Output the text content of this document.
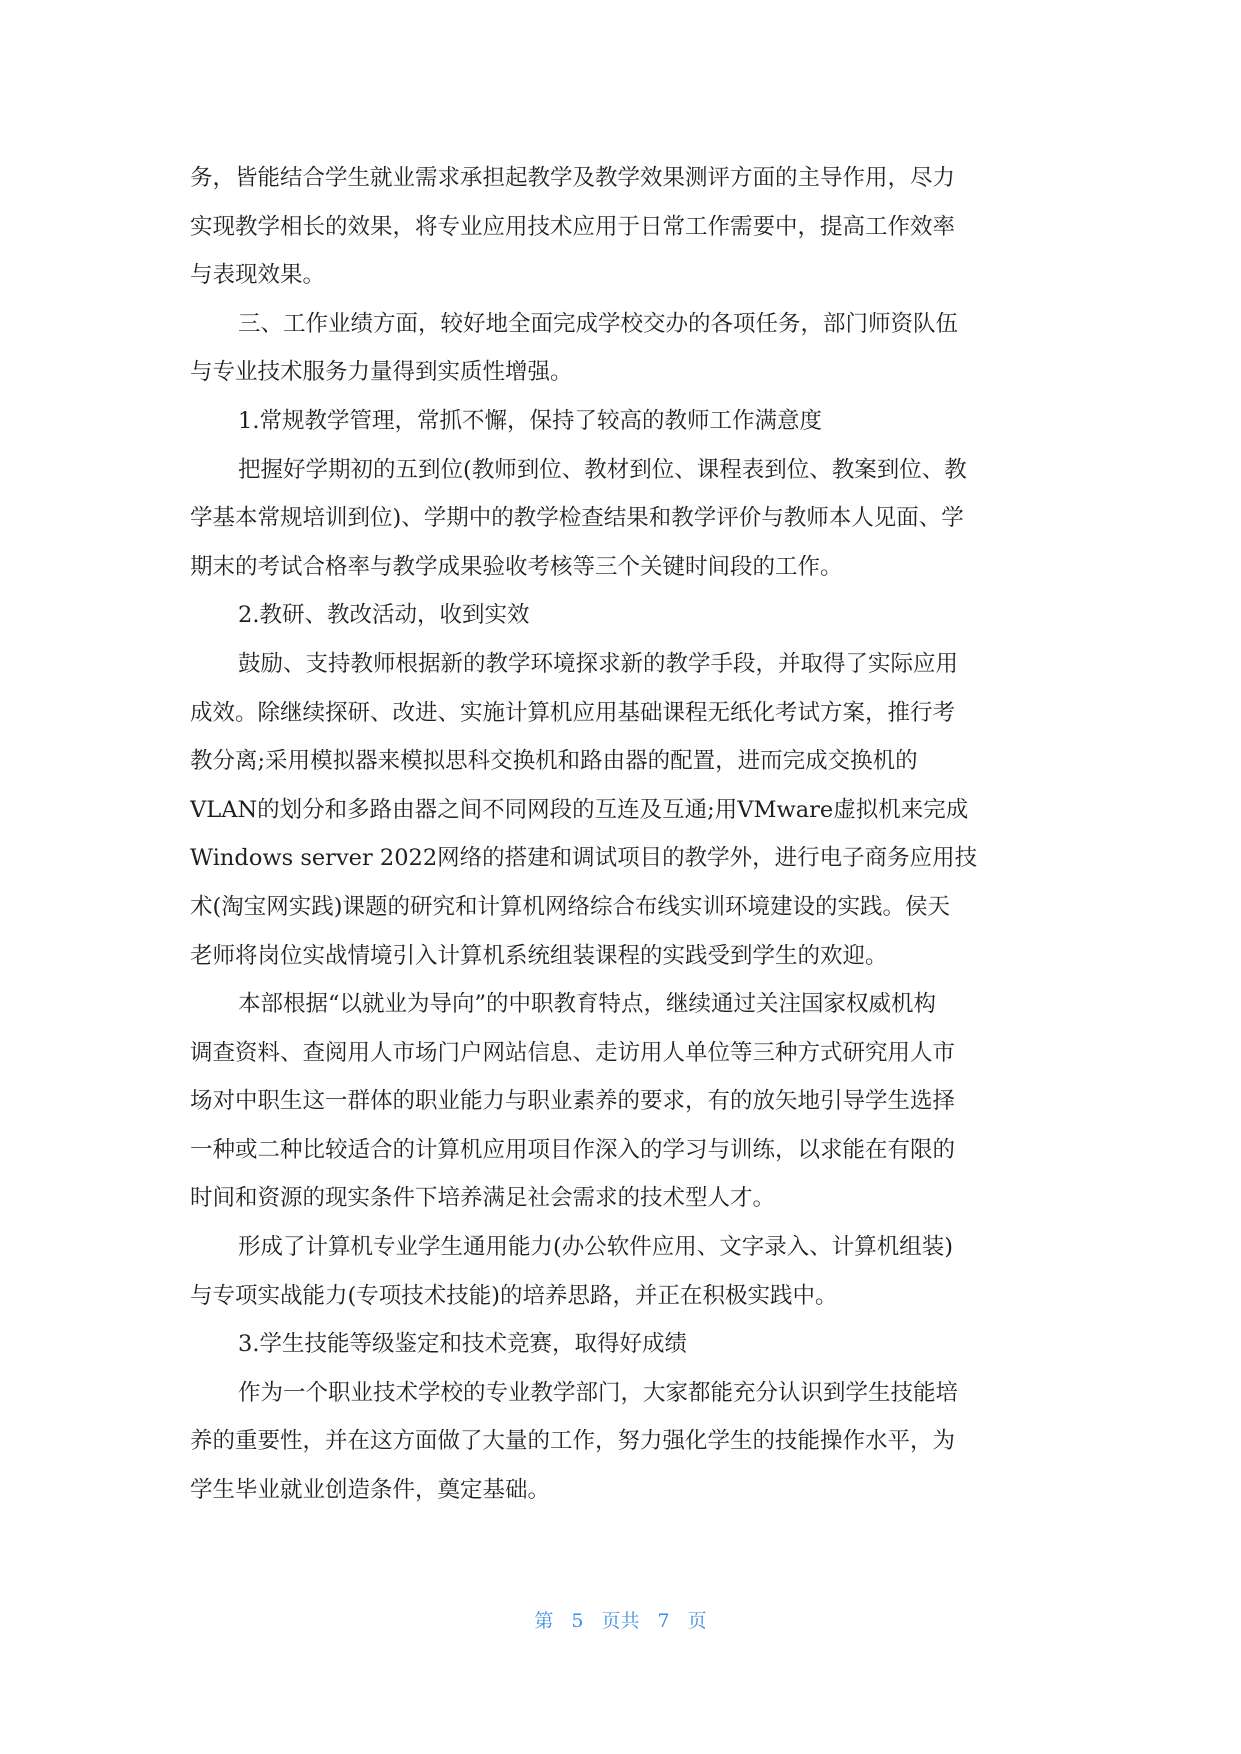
务，皆能结合学生就业需求承担起教学及教学效果测评方面的主导作用，尽力
实现教学相长的效果，将专业应用技术应用于日常工作需要中，提高工作效率
与表现效果。
三、工作业绩方面，较好地全面完成学校交办的各项任务，部门师资队伍
与专业技术服务力量得到实质性增强。
1.常规教学管理，常抓不懈，保持了较高的教师工作满意度
把握好学期初的五到位(教师到位、教材到位、课程表到位、教案到位、教
学基本常规培训到位)、学期中的教学检查结果和教学评价与教师本人见面、学
期末的考试合格率与教学成果验收考核等三个关键时间段的工作。
2.教研、教改活动，收到实效
鼓励、支持教师根据新的教学环境探求新的教学手段，并取得了实际应用
成效。除继续探研、改进、实施计算机应用基础课程无纸化考试方案，推行考
教分离;采用模拟器来模拟思科交换机和路由器的配置，进而完成交换机的
VLAN的划分和多路由器之间不同网段的互连及互通;用VMware虚拟机来完成
Windows server 2022网络的搭建和调试项目的教学外，进行电子商务应用技
术(淘宝网实践)课题的研究和计算机网络综合布线实训环境建设的实践。侯天
老师将岗位实战情境引入计算机系统组装课程的实践受到学生的欢迎。
本部根据“以就业为导向”的中职教育特点，继续通过关注国家权威机构
调查资料、查阅用人市场门户网站信息、走访用人单位等三种方式研究用人市
场对中职生这一群体的职业能力与职业素养的要求，有的放矢地引导学生选择
一种或二种比较适合的计算机应用项目作深入的学习与训练，以求能在有限的
时间和资源的现实条件下培养满足社会需求的技术型人才。
形成了计算机专业学生通用能力(办公软件应用、文字录入、计算机组装)
与专项实战能力(专项技术技能)的培养思路，并正在积极实践中。
3.学生技能等级鉴定和技术竞赛，取得好成绩
作为一个职业技术学校的专业教学部门，大家都能充分认识到学生技能培
养的重要性，并在这方面做了大量的工作，努力强化学生的技能操作水平，为
学生毕业就业创造条件，奠定基础。
第 5 页共 7 页
